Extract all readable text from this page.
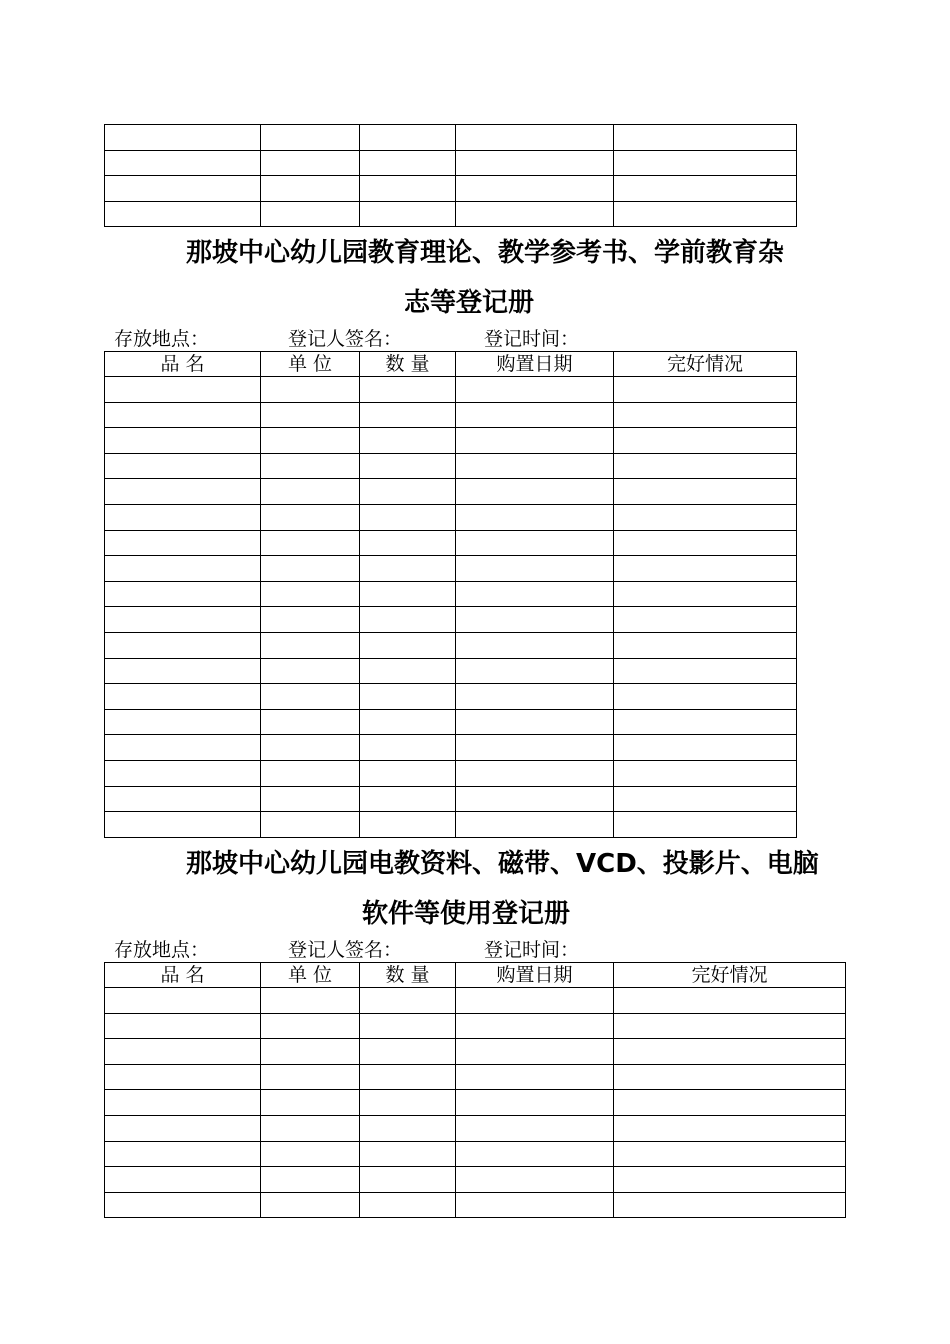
那坡中心幼儿园教育理论、教学参考书、学前教育杂
志等登记册
存放地点：	登记人签名：	登记时间：
品 名	单 位	数 量	购置日期	完好情况

那坡中心幼儿园电教资料、磁带、VCD、投影片、电脑
软件等使用登记册
存放地点：	登记人签名：	登记时间：
品 名	单 位	数 量	购置日期	完好情况
